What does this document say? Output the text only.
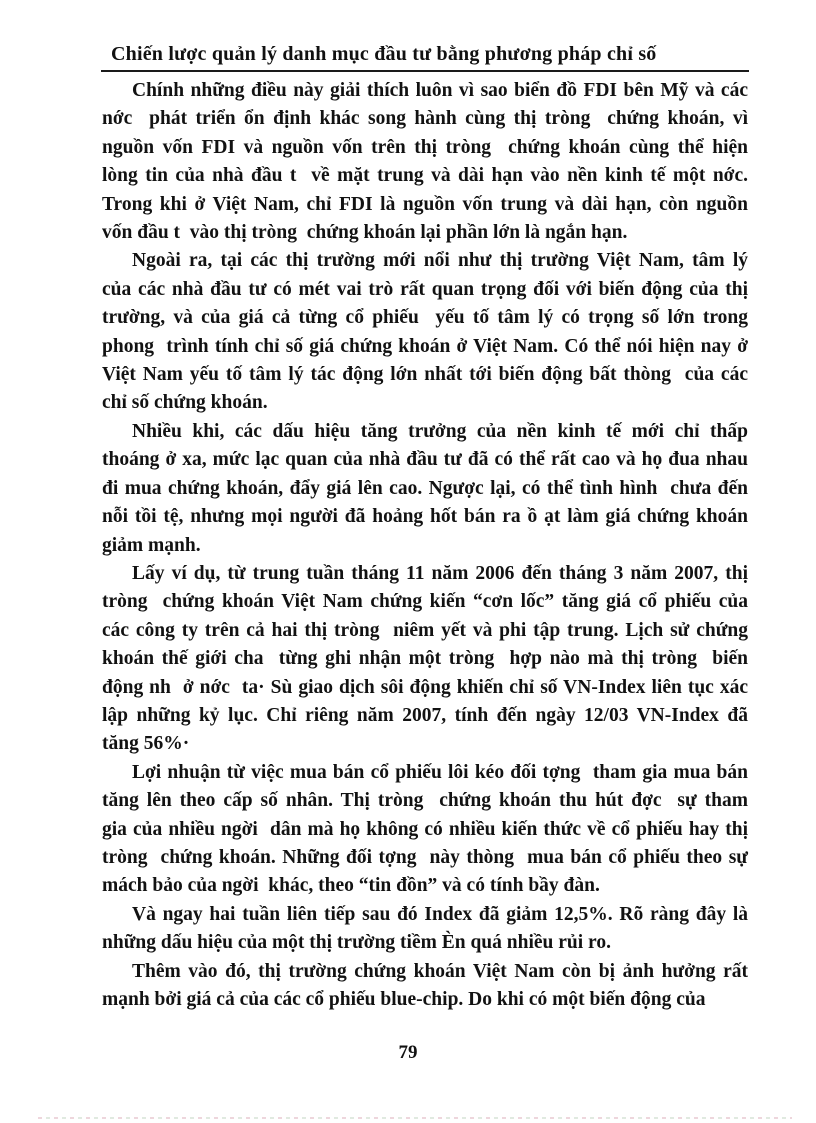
Chiến lược quản lý danh mục đầu tư bằng phương pháp chỉ số
Chính những điều này giải thích luôn vì sao biển đồ FDI bên Mỹ và các
nớc  phát triển ổn định khác song hành cùng thị tròng  chứng khoán, vì
nguồn vốn FDI và nguồn vốn trên thị tròng  chứng khoán cùng thể hiện
lòng tin của nhà đầu t  về mặt trung và dài hạn vào nền kinh tế một nớc.
Trong khi ở Việt Nam, chỉ FDI là nguồn vốn trung và dài hạn, còn nguồn
vốn đầu t  vào thị tròng  chứng khoán lại phần lớn là ngắn hạn.
Ngoài ra, tại các thị trường mới nổi như thị trường Việt Nam, tâm lý
của các nhà đầu tư có mét vai trò rất quan trọng đối với biến động của thị
trường, và của giá cả từng cổ phiếu  yếu tố tâm lý có trọng số lớn trong
phong  trình tính chỉ số giá chứng khoán ở Việt Nam. Có thể nói hiện nay ở
Việt Nam yếu tố tâm lý tác động lớn nhất tới biến động bất thòng  của các
chỉ số chứng khoán.
Nhiều khi, các dấu hiệu tăng trưởng của nền kinh tế mới chỉ thấp
thoáng ở xa, mức lạc quan của nhà đầu tư đã có thể rất cao và họ đua nhau
đi mua chứng khoán, đẩy giá lên cao. Ngược lại, có thể tình hình  chưa đến
nỗi tồi tệ, nhưng mọi người đã hoảng hốt bán ra ồ ạt làm giá chứng khoán
giảm mạnh.
Lấy ví dụ, từ trung tuần tháng 11 năm 2006 đến tháng 3 năm 2007, thị
tròng  chứng khoán Việt Nam chứng kiến “cơn lốc” tăng giá cổ phiếu của
các công ty trên cả hai thị tròng  niêm yết và phi tập trung. Lịch sử chứng
khoán thế giới cha  từng ghi nhận một tròng  hợp nào mà thị tròng  biến
động nh  ở nớc  ta· Sù giao dịch sôi động khiến chỉ số VN-Index liên tục xác
lập những kỷ lục. Chỉ riêng năm 2007, tính đến ngày 12/03 VN-Index đã
tăng 56%·
Lợi nhuận từ việc mua bán cổ phiếu lôi kéo đối tợng  tham gia mua bán
tăng lên theo cấp số nhân. Thị tròng  chứng khoán thu hút đợc  sự tham
gia của nhiều ngời  dân mà họ không có nhiều kiến thức về cổ phiếu hay thị
tròng  chứng khoán. Những đối tợng  này thòng  mua bán cổ phiếu theo sự
mách bảo của ngời  khác, theo “tin đồn” và có tính bầy đàn.
Và ngay hai tuần liên tiếp sau đó Index đã giảm 12,5%. Rõ ràng đây là
những dấu hiệu của một thị trường tiềm Èn quá nhiều rủi ro.
Thêm vào đó, thị trường chứng khoán Việt Nam còn bị ảnh hưởng rất
mạnh bởi giá cả của các cổ phiếu blue-chip. Do khi có một biến động của
79
